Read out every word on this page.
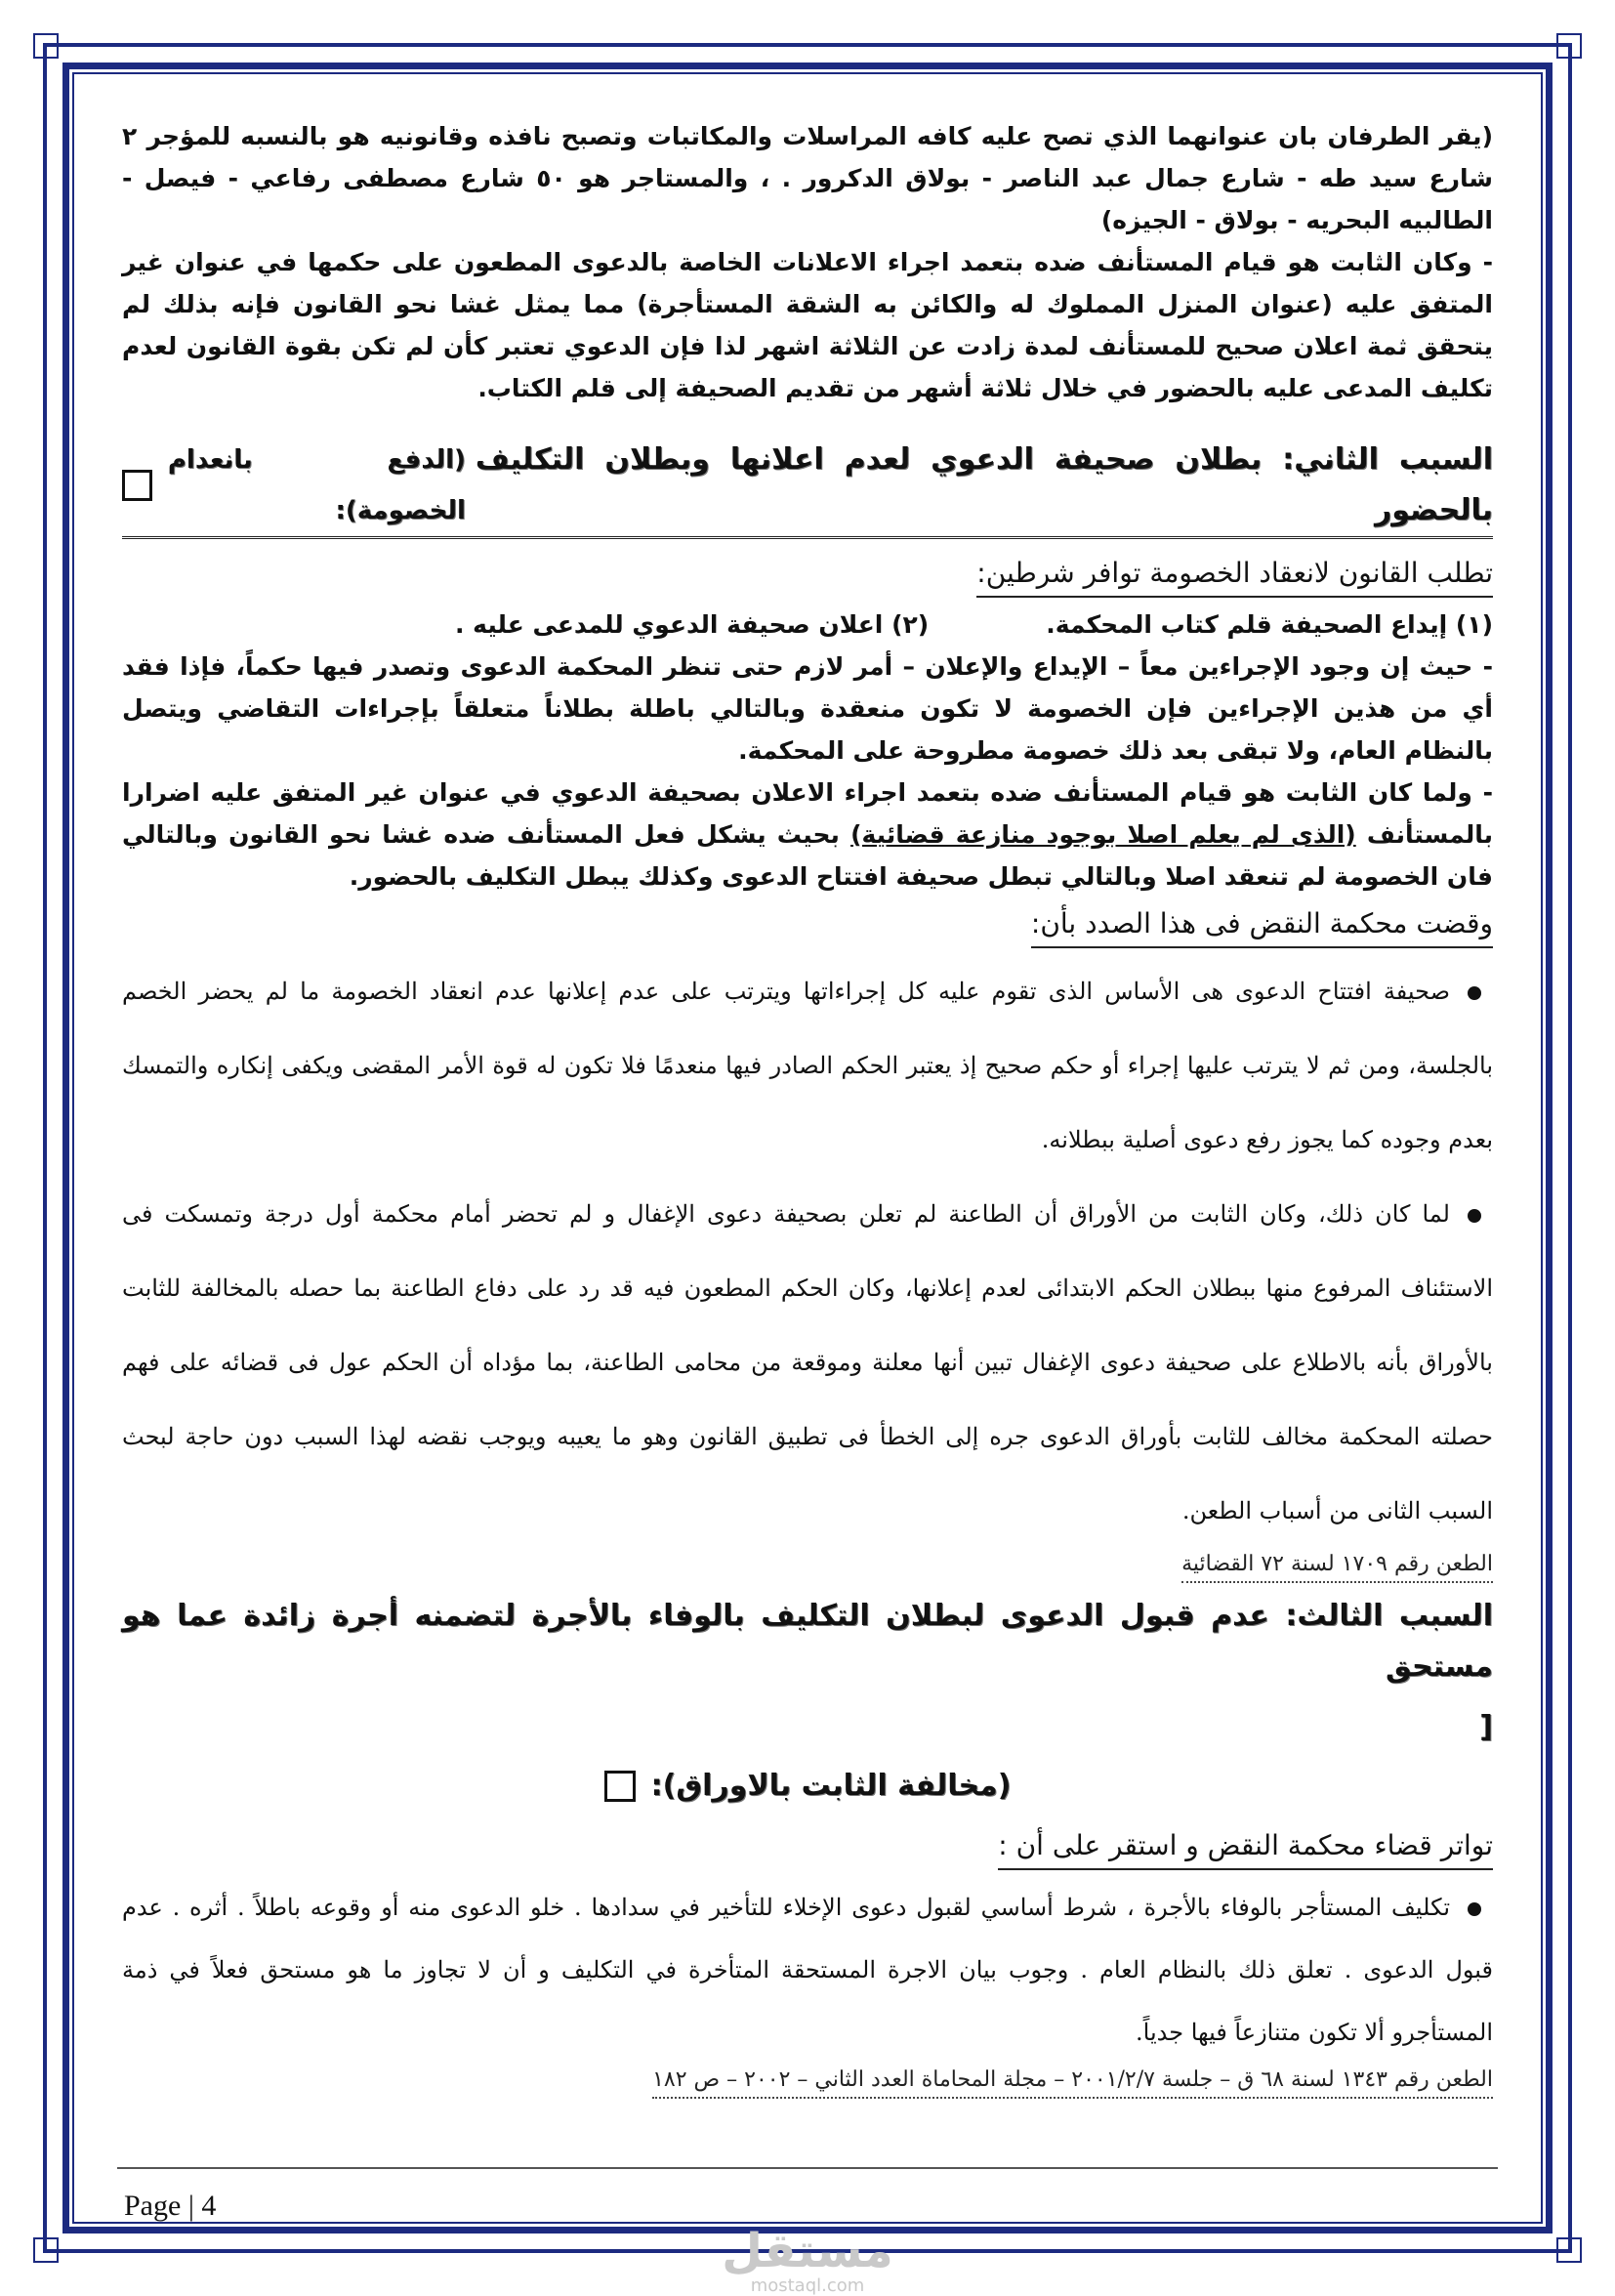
(يقر الطرفان بان عنوانهما الذي تصح عليه كافه المراسلات والمكاتبات وتصبح نافذه وقانونيه هو بالنسبه للمؤجر ٢ شارع سيد طه - شارع جمال عبد الناصر - بولاق الدكرور . ، والمستاجر هو ٥٠ شارع مصطفى رفاعي - فيصل - الطالبيه البحريه - بولاق - الجيزه)

- وكان الثابت هو قيام المستأنف ضده بتعمد اجراء الاعلانات الخاصة بالدعوى المطعون على حكمها في عنوان غير المتفق عليه (عنوان المنزل المملوك له والكائن به الشقة المستأجرة) مما يمثل غشا نحو القانون فإنه بذلك لم يتحقق ثمة اعلان صحيح للمستأنف لمدة زادت عن الثلاثة اشهر لذا فإن الدعوي تعتبر كأن لم تكن بقوة القانون لعدم تكليف المدعى عليه بالحضور في خلال ثلاثة أشهر من تقديم الصحيفة إلى قلم الكتاب.

السبب الثاني: بطلان صحيفة الدعوي لعدم اعلانها وبطلان التكليف بالحضور
(الدفع بانعدام الخصومة):
تطلب القانون لانعقاد الخصومة توافر شرطين:
(١) إيداع الصحيفة قلم كتاب المحكمة.
(٢) اعلان صحيفة الدعوي للمدعى عليه .

- حيث إن وجود الإجراءين معاً – الإيداع والإعلان – أمر لازم حتى تنظر المحكمة الدعوى وتصدر فيها حكماً، فإذا فقد أي من هذين الإجراءين فإن الخصومة لا تكون منعقدة وبالتالي باطلة بطلاناً متعلقاً بإجراءات التقاضي ويتصل بالنظام العام، ولا تبقى بعد ذلك خصومة مطروحة على المحكمة.

- ولما كان الثابت هو قيام المستأنف ضده بتعمد اجراء الاعلان بصحيفة الدعوي في عنوان غير المتفق عليه اضرارا بالمستأنف (الذى لم يعلم اصلا بوجود منازعة قضائية) بحيث يشكل فعل المستأنف ضده غشا نحو القانون وبالتالي فان الخصومة لم تنعقد اصلا وبالتالي تبطل صحيفة افتتاح الدعوى وكذلك يبطل التكليف بالحضور.

وقضت محكمة النقض فى هذا الصدد بأن:

صحيفة افتتاح الدعوى هى الأساس الذى تقوم عليه كل إجراءاتها ويترتب على عدم إعلانها عدم انعقاد الخصومة ما لم يحضر الخصم بالجلسة، ومن ثم لا يترتب عليها إجراء أو حكم صحيح إذ يعتبر الحكم الصادر فيها منعدمًا فلا تكون له قوة الأمر المقضى ويكفى إنكاره والتمسك بعدم وجوده كما يجوز رفع دعوى أصلية ببطلانه.

لما كان ذلك، وكان الثابت من الأوراق أن الطاعنة لم تعلن بصحيفة دعوى الإغفال و لم تحضر أمام محكمة أول درجة وتمسكت فى الاستئناف المرفوع منها ببطلان الحكم الابتدائى لعدم إعلانها، وكان الحكم المطعون فيه قد رد على دفاع الطاعنة بما حصله بالمخالفة للثابت بالأوراق بأنه بالاطلاع على صحيفة دعوى الإغفال تبين أنها معلنة وموقعة من محامى الطاعنة، بما مؤداه أن الحكم عول فى قضائه على فهم حصلته المحكمة مخالف للثابت بأوراق الدعوى جره إلى الخطأ فى تطبيق القانون وهو ما يعيبه ويوجب نقضه لهذا السبب دون حاجة لبحث السبب الثانى من أسباب الطعن.

الطعن رقم ١٧٠٩ لسنة ٧٢ القضائية
السبب الثالث: عدم قبول الدعوى لبطلان التكليف بالوفاء بالأجرة لتضمنه أجرة زائدة عما هو مستحق
[
(مخالفة الثابت بالاوراق):
تواتر قضاء محكمة النقض و استقر على أن :

تكليف المستأجر بالوفاء بالأجرة ، شرط أساسي لقبول دعوى الإخلاء للتأخير في سدادها . خلو الدعوى منه أو وقوعه باطلاً . أثره . عدم قبول الدعوى . تعلق ذلك بالنظام العام . وجوب بيان الاجرة المستحقة المتأخرة في التكليف و أن لا تجاوز ما هو مستحق فعلاً في ذمة المستأجرو ألا تكون متنازعاً فيها جدياً.

الطعن رقم ١٣٤٣ لسنة ٦٨ ق – جلسة ٢٠٠١/٢/٧ – مجلة المحاماة العدد الثاني – ٢٠٠٢ – ص ١٨٢
Page | 4
مستقل
mostaql.com
